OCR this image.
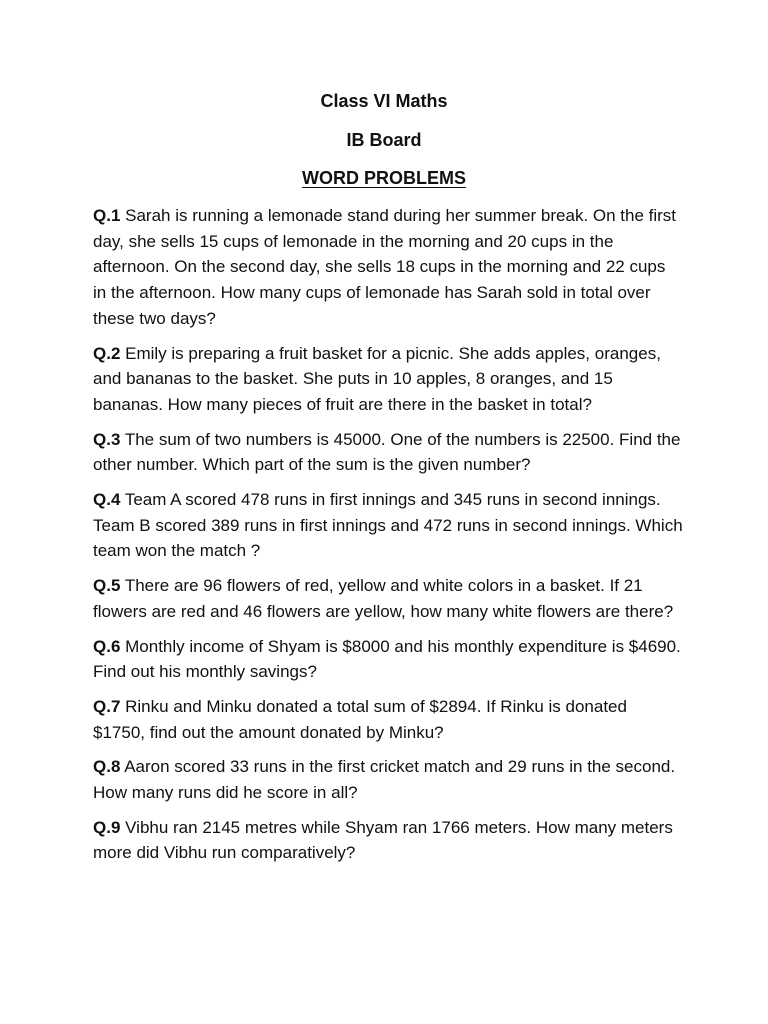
Class VI Maths
IB Board
WORD PROBLEMS

Q.1 Sarah is running a lemonade stand during her summer break. On the first day, she sells 15 cups of lemonade in the morning and 20 cups in the afternoon. On the second day, she sells 18 cups in the morning and 22 cups in the afternoon. How many cups of lemonade has Sarah sold in total over these two days?

Q.2 Emily is preparing a fruit basket for a picnic. She adds apples, oranges, and bananas to the basket. She puts in 10 apples, 8 oranges, and 15 bananas. How many pieces of fruit are there in the basket in total?

Q.3 The sum of two numbers is 45000. One of the numbers is 22500. Find the other number. Which part of the sum is the given number?

Q.4 Team A scored 478 runs in first innings and 345 runs in second innings. Team B scored 389 runs in first innings and 472 runs in second innings. Which team won the match ?

Q.5 There are 96 flowers of red, yellow and white colors in a basket. If 21 flowers are red and 46 flowers are yellow, how many white flowers are there?

Q.6 Monthly income of Shyam is $8000 and his monthly expenditure is $4690. Find out his monthly savings?

Q.7 Rinku and Minku donated a total sum of $2894. If Rinku is donated $1750, find out the amount donated by Minku?

Q.8 Aaron scored 33 runs in the first cricket match and 29 runs in the second. How many runs did he score in all?

Q.9 Vibhu ran 2145 metres while Shyam ran 1766 meters. How many meters more did Vibhu run comparatively?
